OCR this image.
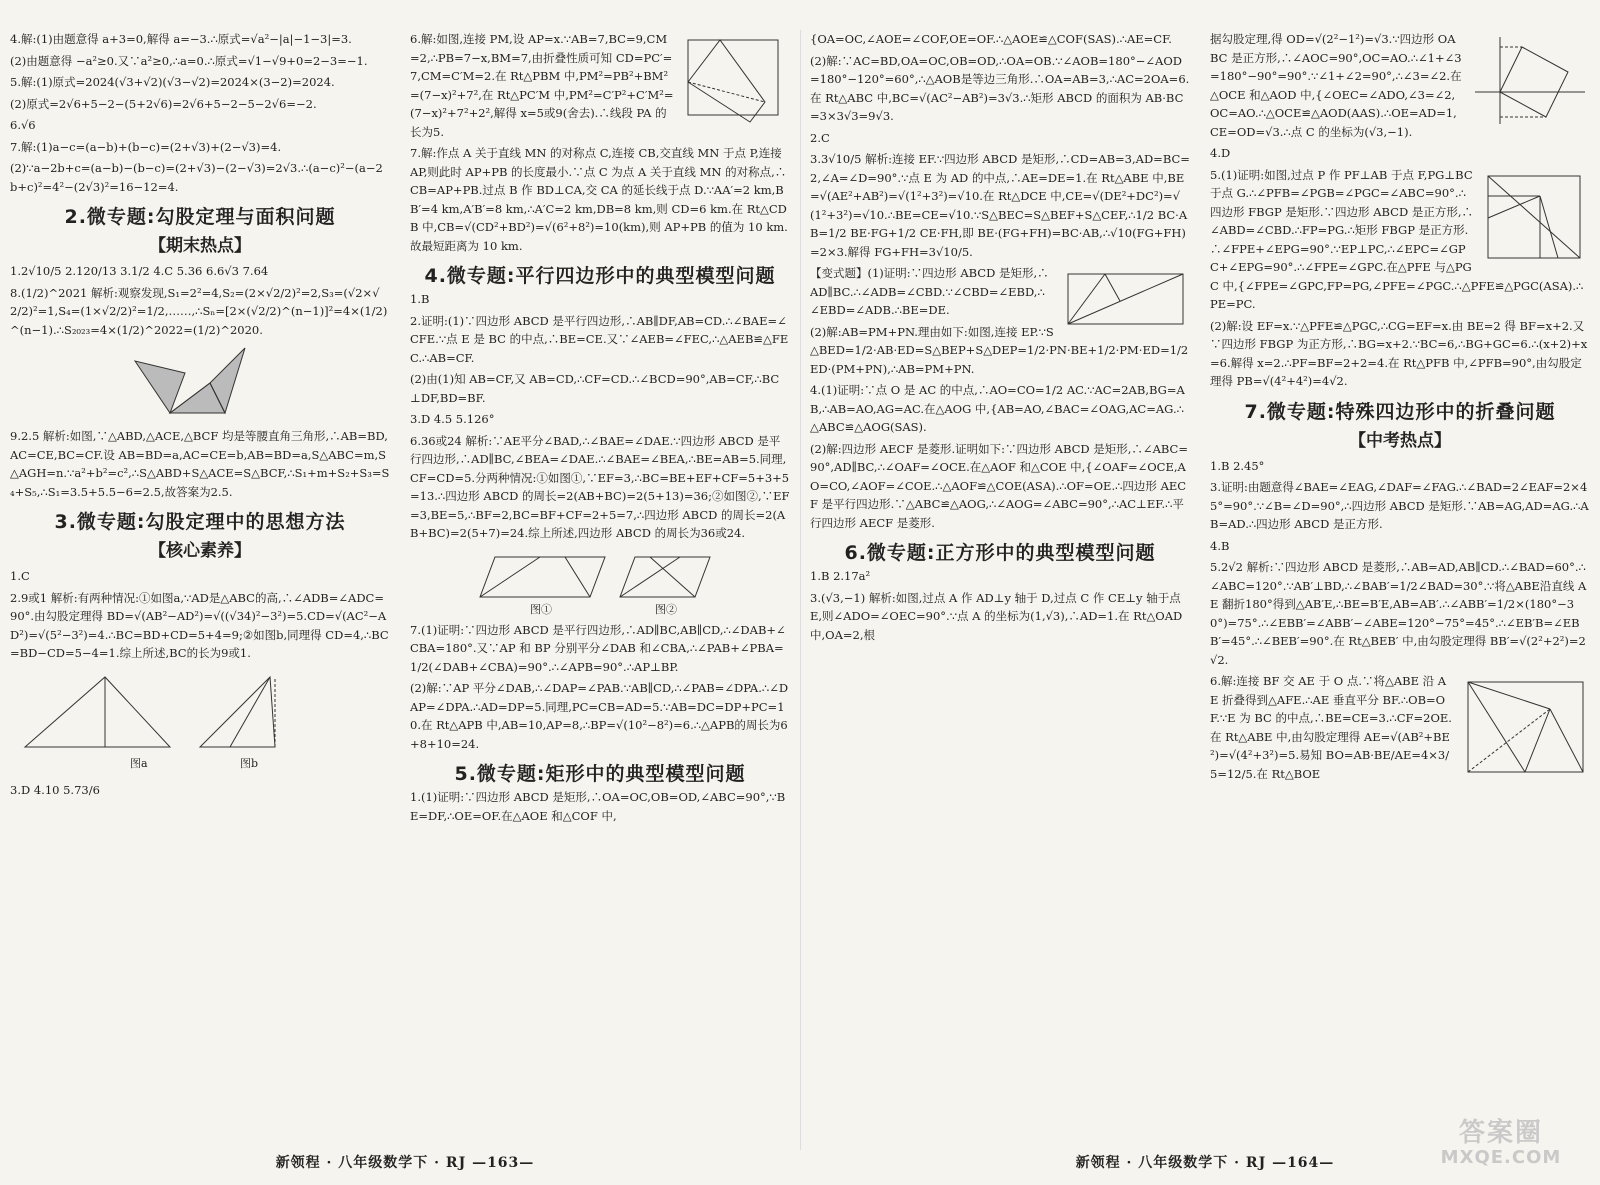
4.解:(1)由题意得 a+3=0,解得 a=−3.∴原式=√a²−|a|−1−3|=3.

(2)由题意得 −a²≥0.又∵a²≥0,∴a=0.∴原式=√1−√9+0=2−3=−1.

5.解:(1)原式=2024(√3+√2)(√3−√2)=2024×(3−2)=2024.

(2)原式=2√6+5−2−(5+2√6)=2√6+5−2−5−2√6=−2.

6.√6

7.解:(1)a−c=(a−b)+(b−c)=(2+√3)+(2−√3)=4.

(2)∵a−2b+c=(a−b)−(b−c)=(2+√3)−(2−√3)=2√3.∴(a−c)²−(a−2b+c)²=4²−(2√3)²=16−12=4.

2.微专题:勾股定理与面积问题
【期末热点】

1.2√10/5 2.120/13 3.1/2 4.C 5.36 6.6√3 7.64

8.(1/2)^2021 解析:观察发现,S₁=2²=4,S₂=(2×√2/2)²=2,S₃=(√2×√2/2)²=1,S₄=(1×√2/2)²=1/2,……,∴Sₙ=[2×(√2/2)^(n−1)]²=4×(1/2)^(n−1).∴S₂₀₂₃=4×(1/2)^2022=(1/2)^2020.

9.2.5 解析:如图,∵△ABD,△ACE,△BCF 均是等腰直角三角形,∴AB=BD,AC=CE,BC=CF.设 AB=BD=a,AC=CE=b,AB=BD=a,S△ABC=m,S△AGH=n.∵a²+b²=c²,∴S△ABD+S△ACE=S△BCF,∴S₁+m+S₂+S₃=S₄+S₅,∴S₁=3.5+5.5−6=2.5,故答案为2.5.

3.微专题:勾股定理中的思想方法
【核心素养】

1.C

2.9或1 解析:有两种情况:①如图a,∵AD是△ABC的高,∴∠ADB=∠ADC=90°.由勾股定理得 BD=√(AB²−AD²)=√((√34)²−3²)=5.CD=√(AC²−AD²)=√(5²−3²)=4.∴BC=BD+CD=5+4=9;②如图b,同理得 CD=4,∴BC=BD−CD=5−4=1.综上所述,BC的长为9或1.

图a	图b

3.D 4.10 5.73/6

6.解:如图,连接 PM,设 AP=x.∵AB=7,BC=9,CM=2,∴PB=7−x,BM=7,由折叠性质可知 CD=PC′=7,CM=C′M=2.在 Rt△PBM 中,PM²=PB²+BM²=(7−x)²+7²,在 Rt△PC′M 中,PM²=C′P²+C′M²=(7−x)²+7²+2²,解得 x=5或9(舍去).∴线段 PA 的长为5.

7.解:作点 A 关于直线 MN 的对称点 C,连接 CB,交直线 MN 于点 P,连接 AP,则此时 AP+PB 的长度最小.∵点 C 为点 A 关于直线 MN 的对称点,∴CB=AP+PB.过点 B 作 BD⊥CA,交 CA 的延长线于点 D.∵AA′=2 km,BB′=4 km,A′B′=8 km,∴A′C=2 km,DB=8 km,则 CD=6 km.在 Rt△CDB 中,CB=√(CD²+BD²)=√(6²+8²)=10(km),则 AP+PB 的值为 10 km.故最短距离为 10 km.

4.微专题:平行四边形中的典型模型问题

1.B

2.证明:(1)∵四边形 ABCD 是平行四边形,∴AB∥DF,AB=CD.∴∠BAE=∠CFE.∵点 E 是 BC 的中点,∴BE=CE.又∵∠AEB=∠FEC,∴△AEB≌△FEC.∴AB=CF.

(2)由(1)知 AB=CF,又 AB=CD,∴CF=CD.∴∠BCD=90°,AB=CF,∴BC⊥DF,BD=BF.

3.D 4.5 5.126°

6.36或24 解析:∵AE平分∠BAD,∴∠BAE=∠DAE.∵四边形 ABCD 是平行四边形,∴AD∥BC,∠BEA=∠DAE.∴∠BAE=∠BEA,∴BE=AB=5.同理,CF=CD=5.分两种情况:①如图①,∵EF=3,∴BC=BE+EF+CF=5+3+5=13.∴四边形 ABCD 的周长=2(AB+BC)=2(5+13)=36;②如图②,∵EF=3,BE=5,∴BF=2,BC=BF+CF=2+5=7,∴四边形 ABCD 的周长=2(AB+BC)=2(5+7)=24.综上所述,四边形 ABCD 的周长为36或24.

图①	图②

7.(1)证明:∵四边形 ABCD 是平行四边形,∴AD∥BC,AB∥CD,∴∠DAB+∠CBA=180°.又∵AP 和 BP 分别平分∠DAB 和∠CBA,∴∠PAB+∠PBA=1/2(∠DAB+∠CBA)=90°.∴∠APB=90°.∴AP⊥BP.

(2)解:∵AP 平分∠DAB,∴∠DAP=∠PAB.∵AB∥CD,∴∠PAB=∠DPA.∴∠DAP=∠DPA.∴AD=DP=5.同理,PC=CB=AD=5.∵AB=DC=DP+PC=10.在 Rt△APB 中,AB=10,AP=8,∴BP=√(10²−8²)=6.∴△APB的周长为6+8+10=24.

5.微专题:矩形中的典型模型问题

1.(1)证明:∵四边形 ABCD 是矩形,∴OA=OC,OB=OD,∠ABC=90°,∵BE=DF,∴OE=OF.在△AOE 和△COF 中,

新领程 · 八年级数学下 · RJ —163—

{OA=OC,∠AOE=∠COF,OE=OF.∴△AOE≌△COF(SAS).∴AE=CF.

(2)解:∵AC=BD,OA=OC,OB=OD,∴OA=OB.∵∠AOB=180°−∠AOD=180°−120°=60°,∴△AOB是等边三角形.∴OA=AB=3,∴AC=2OA=6.在 Rt△ABC 中,BC=√(AC²−AB²)=3√3.∴矩形 ABCD 的面积为 AB·BC=3×3√3=9√3.

2.C

3.3√10/5 解析:连接 EF.∵四边形 ABCD 是矩形,∴CD=AB=3,AD=BC=2,∠A=∠D=90°.∵点 E 为 AD 的中点,∴AE=DE=1.在 Rt△ABE 中,BE=√(AE²+AB²)=√(1²+3²)=√10.在 Rt△DCE 中,CE=√(DE²+DC²)=√(1²+3²)=√10.∴BE=CE=√10.∵S△BEC=S△BEF+S△CEF,∴1/2 BC·AB=1/2 BE·FG+1/2 CE·FH,即 BE·(FG+FH)=BC·AB,∴√10(FG+FH)=2×3.解得 FG+FH=3√10/5.

【变式题】(1)证明:∵四边形 ABCD 是矩形,∴AD∥BC.∴∠ADB=∠CBD.∵∠CBD=∠EBD,∴∠EBD=∠ADB.∴BE=DE.

(2)解:AB=PM+PN.理由如下:如图,连接 EP.∵S△BED=1/2·AB·ED=S△BEP+S△DEP=1/2·PN·BE+1/2·PM·ED=1/2 ED·(PM+PN),∴AB=PM+PN.

4.(1)证明:∵点 O 是 AC 的中点,∴AO=CO=1/2 AC.∵AC=2AB,BG=AB,∴AB=AO,AG=AC.在△AOG 中,{AB=AO,∠BAC=∠OAG,AC=AG.∴△ABC≌△AOG(SAS).

(2)解:四边形 AECF 是菱形.证明如下:∵四边形 ABCD 是矩形,∴∠ABC=90°,AD∥BC,∴∠OAF=∠OCE.在△AOF 和△COE 中,{∠OAF=∠OCE,AO=CO,∠AOF=∠COE.∴△AOF≌△COE(ASA).∴OF=OE.∴四边形 AECF 是平行四边形.∵△ABC≌△AOG,∴∠AOG=∠ABC=90°,∴AC⊥EF.∴平行四边形 AECF 是菱形.

6.微专题:正方形中的典型模型问题

1.B 2.17a²

3.(√3,−1) 解析:如图,过点 A 作 AD⊥y 轴于 D,过点 C 作 CE⊥y 轴于点 E,则∠ADO=∠OEC=90°.∵点 A 的坐标为(1,√3),∴AD=1.在 Rt△OAD 中,OA=2,根

据勾股定理,得 OD=√(2²−1²)=√3.∵四边形 OABC 是正方形,∴∠AOC=90°,OC=AO.∴∠1+∠3=180°−90°=90°.∵∠1+∠2=90°,∴∠3=∠2.在△OCE 和△AOD 中,{∠OEC=∠ADO,∠3=∠2,OC=AO.∴△OCE≌△AOD(AAS).∴OE=AD=1,CE=OD=√3.∴点 C 的坐标为(√3,−1).

4.D

5.(1)证明:如图,过点 P 作 PF⊥AB 于点 F,PG⊥BC 于点 G.∴∠PFB=∠PGB=∠PGC=∠ABC=90°.∴四边形 FBGP 是矩形.∵四边形 ABCD 是正方形,∴∠ABD=∠CBD.∴FP=PG.∴矩形 FBGP 是正方形.∴∠FPE+∠EPG=90°.∵EP⊥PC,∴∠EPC=∠GPC+∠EPG=90°.∴∠FPE=∠GPC.在△PFE 与△PGC 中,{∠FPE=∠GPC,FP=PG,∠PFE=∠PGC.∴△PFE≌△PGC(ASA).∴PE=PC.

(2)解:设 EF=x.∵△PFE≌△PGC,∴CG=EF=x.由 BE=2 得 BF=x+2.又∵四边形 FBGP 为正方形,∴BG=x+2.∵BC=6,∴BG+GC=6.∴(x+2)+x=6.解得 x=2.∴PF=BF=2+2=4.在 Rt△PFB 中,∠PFB=90°,由勾股定理得 PB=√(4²+4²)=4√2.

7.微专题:特殊四边形中的折叠问题
【中考热点】

1.B 2.45°

3.证明:由题意得∠BAE=∠EAG,∠DAF=∠FAG.∴∠BAD=2∠EAF=2×45°=90°.∵∠B=∠D=90°,∴四边形 ABCD 是矩形.∵AB=AG,AD=AG.∴AB=AD.∴四边形 ABCD 是正方形.

4.B

5.2√2 解析:∵四边形 ABCD 是菱形,∴AB=AD,AB∥CD.∴∠BAD=60°.∴∠ABC=120°.∵AB′⊥BD,∴∠BAB′=1/2∠BAD=30°.∵将△ABE沿直线 AE 翻折180°得到△AB′E,∴BE=B′E,AB=AB′.∴∠ABB′=1/2×(180°−30°)=75°.∴∠EBB′=∠ABB′−∠ABE=120°−75°=45°.∴∠EB′B=∠EBB′=45°.∴∠BEB′=90°.在 Rt△BEB′ 中,由勾股定理得 BB′=√(2²+2²)=2√2.

6.解:连接 BF 交 AE 于 O 点.∵将△ABE 沿 AE 折叠得到△AFE.∴AE 垂直平分 BF.∴OB=OF.∵E 为 BC 的中点,∴BE=CE=3.∴CF=2OE.在 Rt△ABE 中,由勾股定理得 AE=√(AB²+BE²)=√(4²+3²)=5.易知 BO=AB·BE/AE=4×3/5=12/5.在 Rt△BOE

新领程 · 八年级数学下 · RJ —164—
答案圈
MXQE.COM
